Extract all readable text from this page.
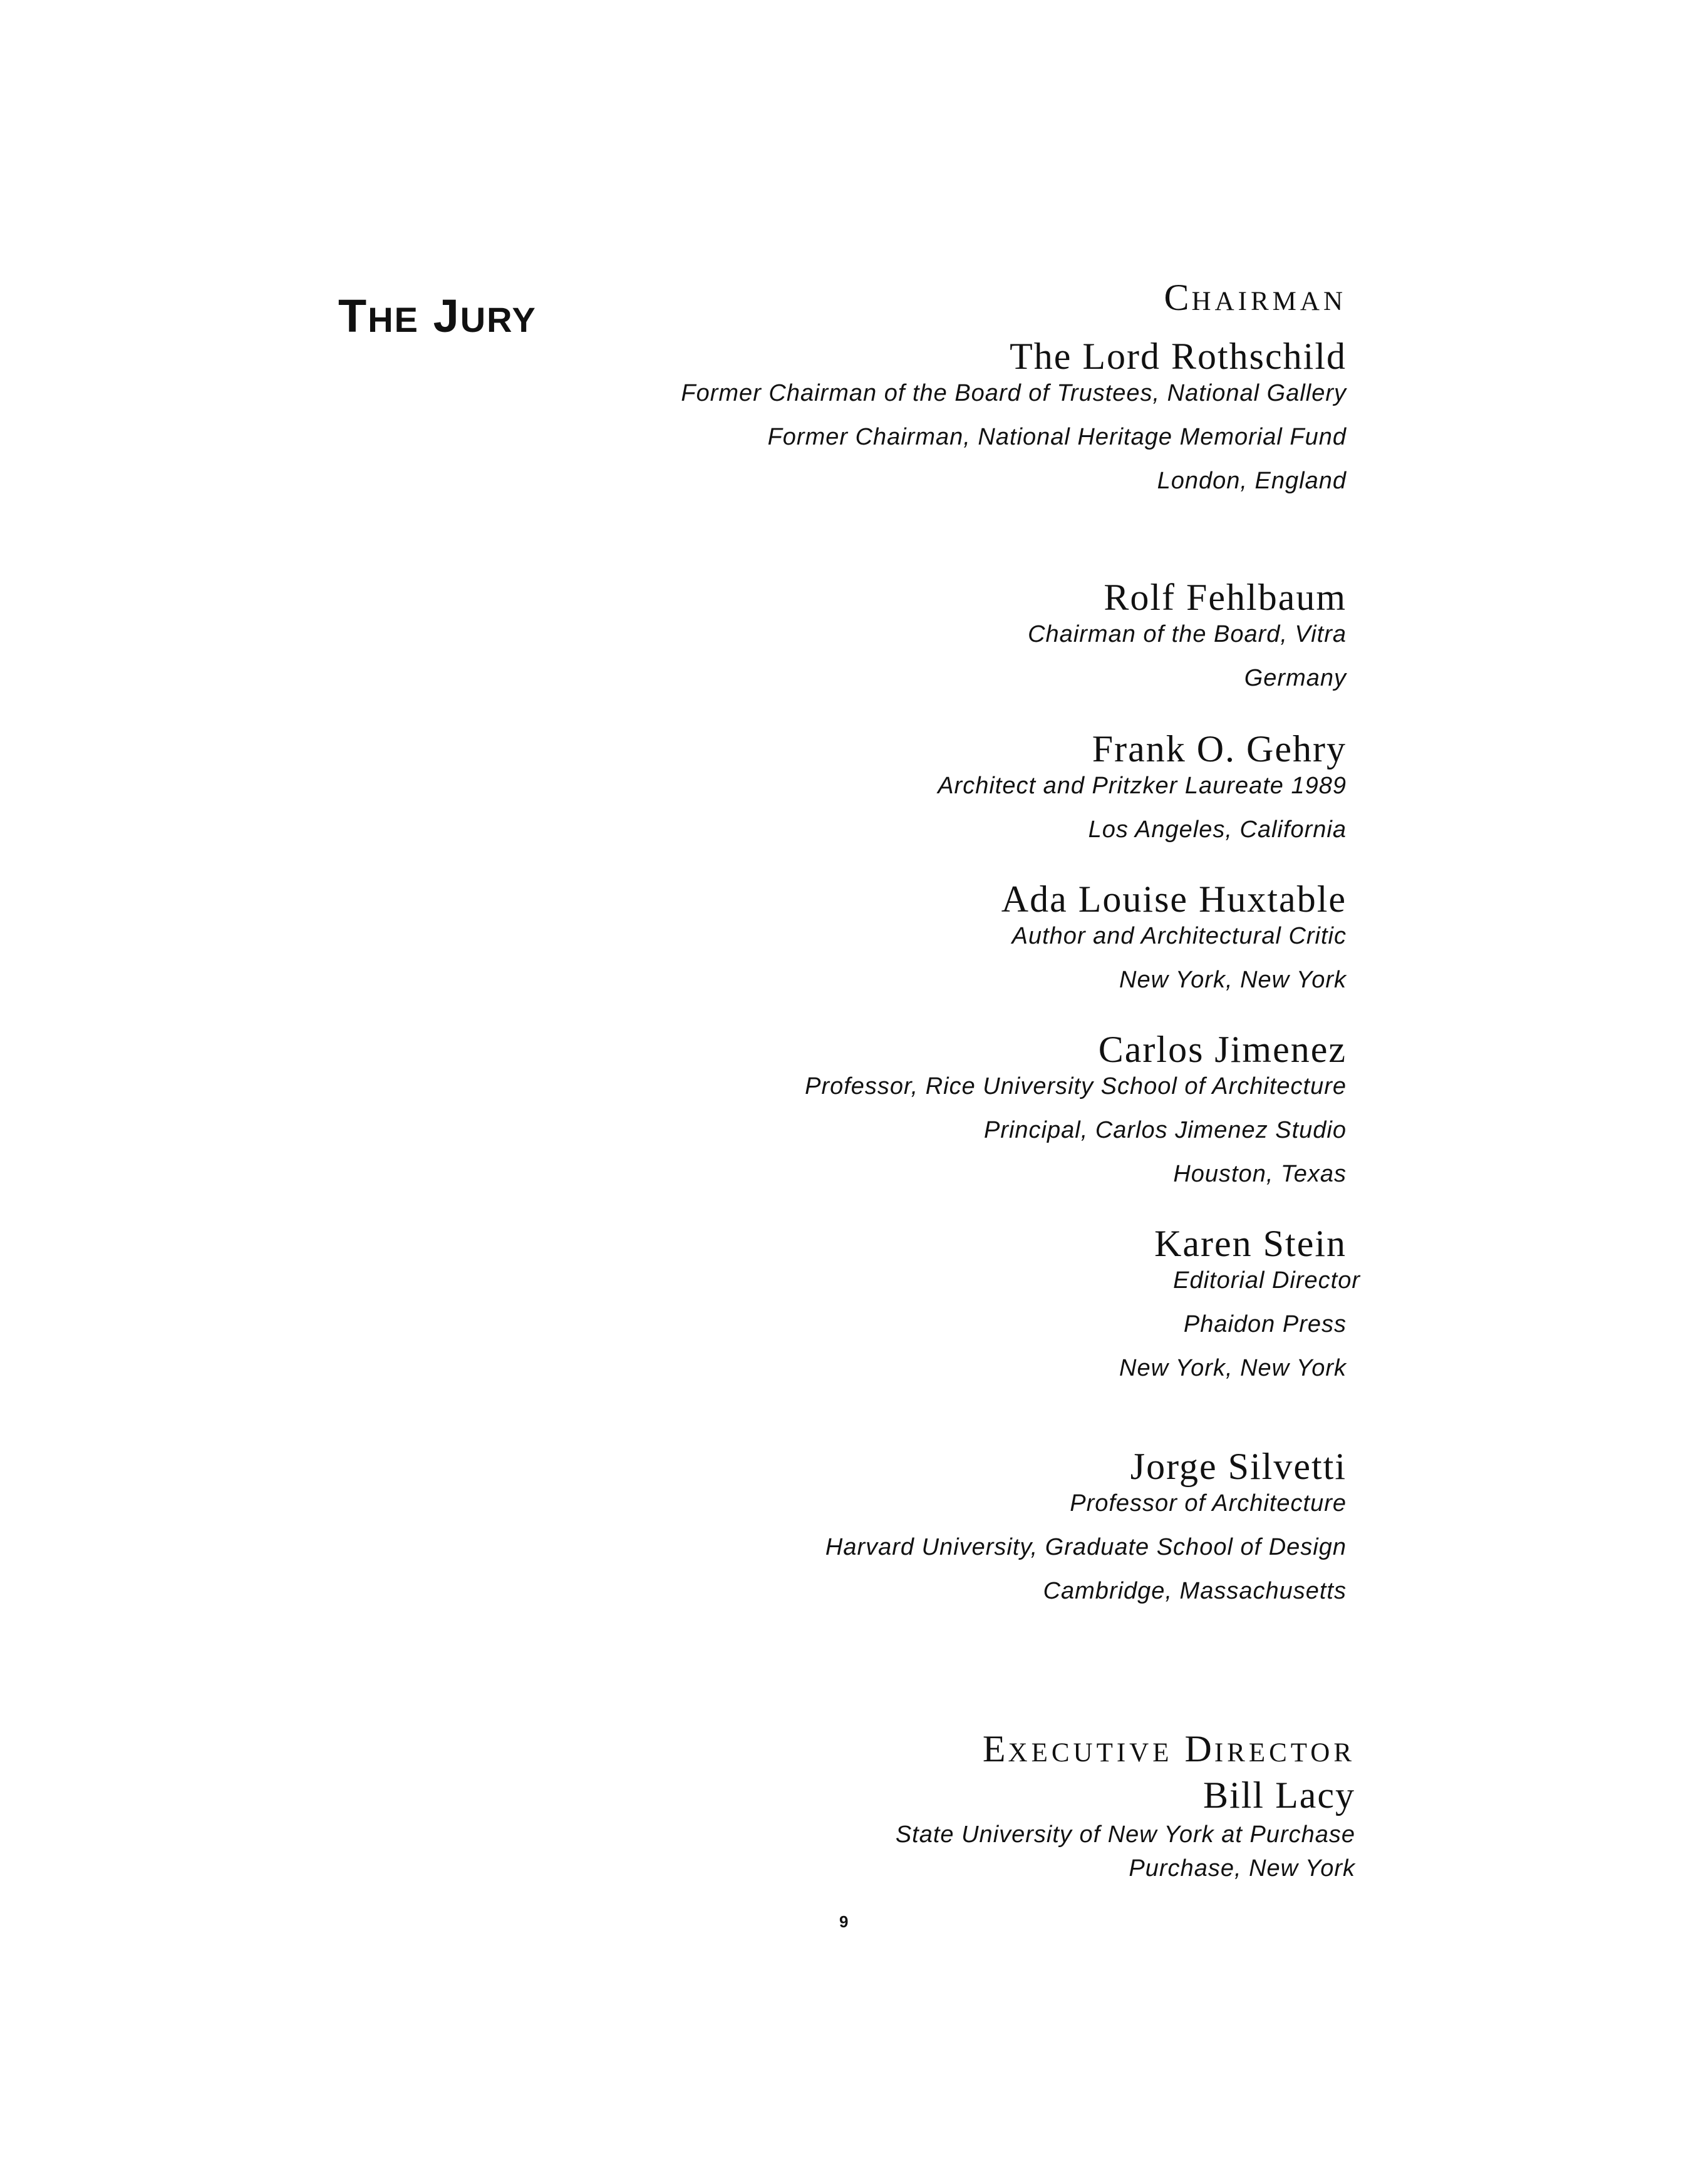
THE JURY
CHAIRMAN
The Lord Rothschild
Former Chairman of the Board of Trustees, National Gallery
Former Chairman, National Heritage Memorial Fund
London, England
Rolf Fehlbaum
Chairman of the Board, Vitra
Germany
Frank O. Gehry
Architect and Pritzker Laureate 1989
Los Angeles, California
Ada Louise Huxtable
Author and Architectural Critic
New York, New York
Carlos Jimenez
Professor, Rice University School of Architecture
Principal, Carlos Jimenez Studio
Houston, Texas
Karen Stein
Editorial Director
Phaidon Press
New York, New York
Jorge Silvetti
Professor of Architecture
Harvard University, Graduate School of Design
Cambridge, Massachusetts
EXECUTIVE DIRECTOR
Bill Lacy
State University of New York at Purchase
Purchase, New York
9
